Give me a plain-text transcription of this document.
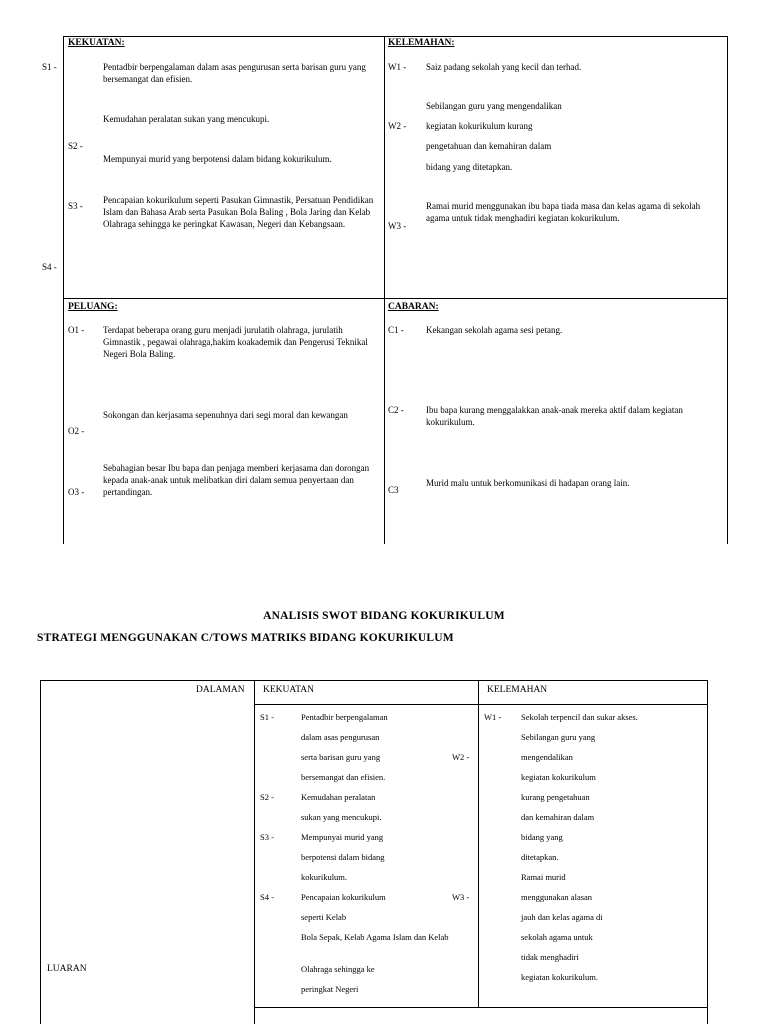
KEKUATAN:
S1 -	Pentadbir berpengalaman dalam asas pengurusan serta barisan guru yang bersemangat dan efisien.
Kemudahan peralatan sukan yang mencukupi.
S2 -
Mempunyai murid yang berpotensi dalam bidang kokurikulum.
S3 -
Pencapaian kokurikulum seperti Pasukan Gimnastik, Persatuan Pendidikan Islam dan Bahasa Arab serta Pasukan Bola Baling , Bola Jaring dan Kelab Olahraga sehingga ke peringkat Kawasan, Negeri dan Kebangsaan.
S4 -
KELEMAHAN:
W1 - Saiz padang sekolah yang kecil dan terhad.
Sebilangan guru yang mengendalikan
W2 - kegiatan kokurikulum kurang
pengetahuan dan kemahiran dalam
bidang yang ditetapkan.
Ramai murid menggunakan ibu bapa tiada masa dan kelas agama di sekolah agama untuk tidak menghadiri kegiatan kokurikulum.
W3 -
PELUANG:
O1 - Terdapat beberapa orang guru menjadi jurulatih olahraga, jurulatih Gimnastik , pegawai olahraga,hakim koakademik dan Pengerusi Teknikal Negeri Bola Baling.
Sokongan dan kerjasama sepenuhnya dari segi moral dan kewangan
O2 -
Sebahagian besar Ibu bapa dan penjaga memberi kerjasama dan dorongan kepada anak-anak untuk melibatkan diri dalam semua penyertaan dan pertandingan.
O3 -
CABARAN:
C1 - Kekangan sekolah agama sesi petang.
C2 - Ibu bapa kurang menggalakkan anak-anak mereka aktif dalam kegiatan kokurikulum.
Murid malu untuk berkomunikasi di hadapan orang lain.
C3
ANALISIS SWOT BIDANG KOKURIKULUM
STRATEGI MENGGUNAKAN C/TOWS MATRIKS BIDANG KOKURIKULUM
DALAMAN
LUARAN
KEKUATAN	KELEMAHAN
S1 -
S2 -
S3 -
S4 -
Pentadbir berpengalaman
dalam asas pengurusan
serta barisan guru yang
bersemangat dan efisien.
Kemudahan peralatan
sukan yang mencukupi.
Mempunyai murid yang
berpotensi dalam bidang
kokurikulum.
Pencapaian kokurikulum
seperti Kelab
Bola Sepak, Kelab Agama Islam dan Kelab
Olahraga sehingga ke
peringkat Negeri
W1 -
W2 -
W3 -
Sekolah terpencil dan sukar akses.
Sebilangan guru yang
mengendalikan
kegiatan kokurikulum
kurang pengetahuan
dan kemahiran dalam
bidang yang
ditetapkan.
Ramai murid
menggunakan alasan
jauh dan kelas agama di
sekolah agama untuk
tidak menghadiri
kegiatan kokurikulum.
